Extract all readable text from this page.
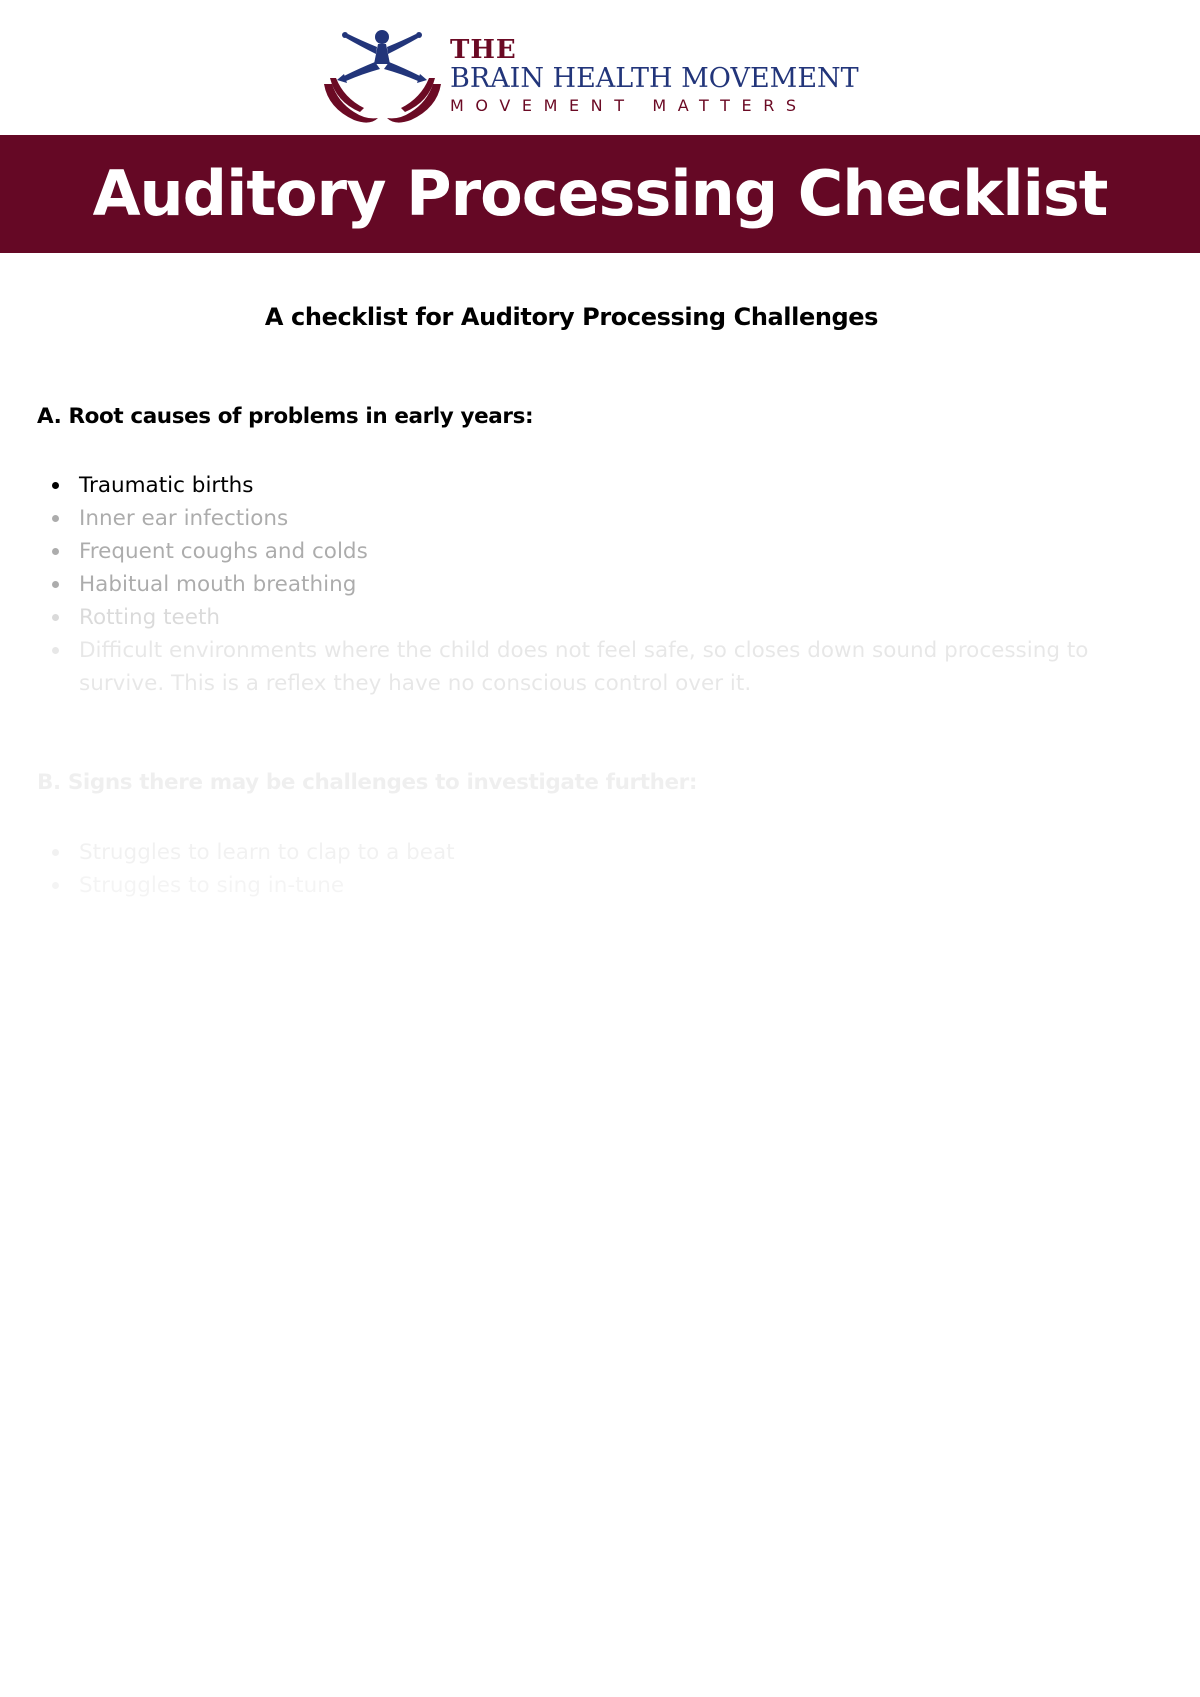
THE
BRAIN HEALTH MOVEMENT
MOVEMENT MATTERS
Auditory Processing Checklist
A checklist for Auditory Processing Challenges
A. Root causes of problems in early years:
Traumatic births
Inner ear infections
Frequent coughs and colds
Habitual mouth breathing
Rotting teeth
Difficult environments where the child does not feel safe, so closes down sound processing to survive. This is a reflex they have no conscious control over it.
B. Signs there may be challenges to investigate further:
Struggles to learn to clap to a beat
